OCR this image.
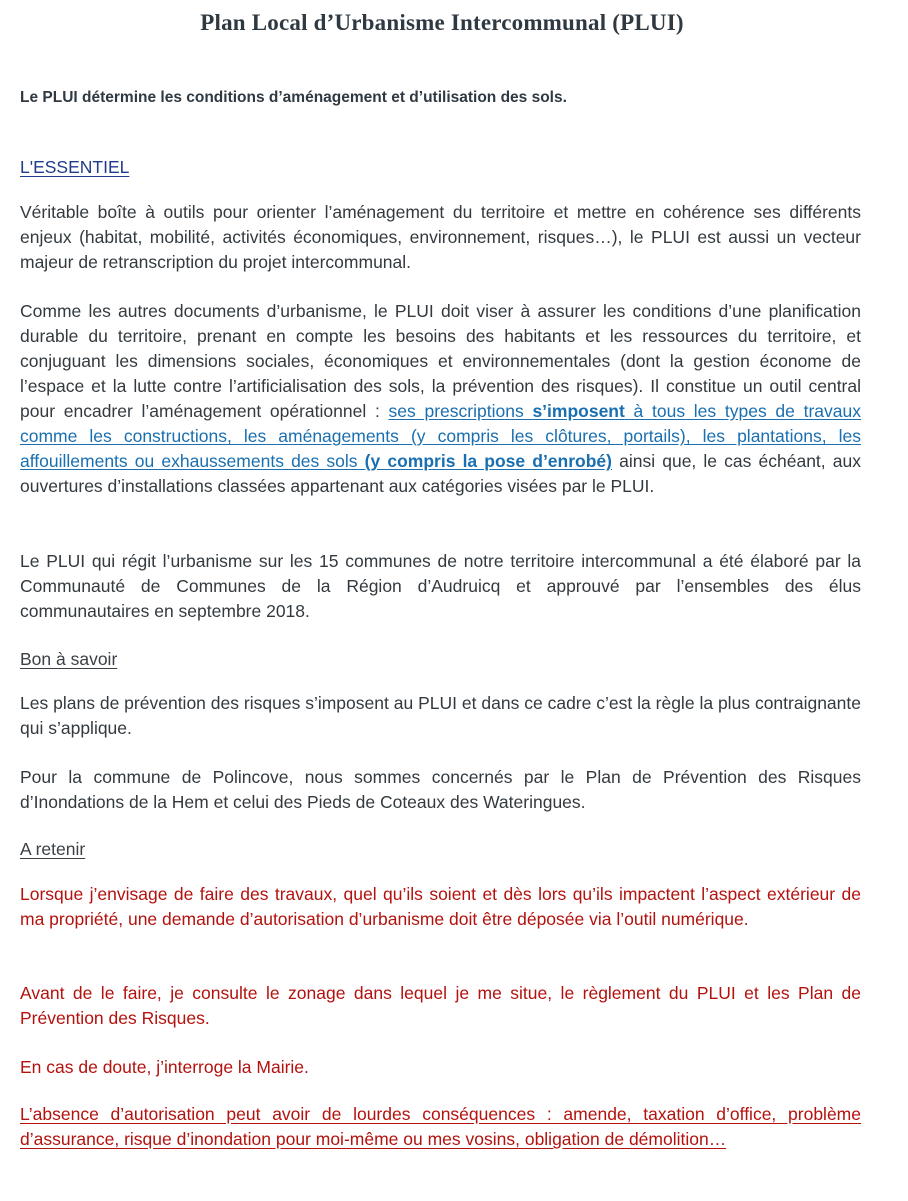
Plan Local d’Urbanisme Intercommunal (PLUI)
Le PLUI détermine les conditions d’aménagement et d’utilisation des sols.
L'ESSENTIEL

Véritable boîte à outils pour orienter l’aménagement du territoire et mettre en cohérence ses différents enjeux (habitat, mobilité, activités économiques, environnement, risques…), le PLUI est aussi un vecteur majeur de retranscription du projet intercommunal.

Comme les autres documents d’urbanisme, le PLUI doit viser à assurer les conditions d’une planification durable du territoire, prenant en compte les besoins des habitants et les ressources du territoire, et conjuguant les dimensions sociales, économiques et environnementales (dont la gestion économe de l’espace et la lutte contre l’artificialisation des sols, la prévention des risques). Il constitue un outil central pour encadrer l’aménagement opérationnel : ses prescriptions s’imposent à tous les types de travaux comme les constructions, les aménagements (y compris les clôtures, portails), les plantations, les affouillements ou exhaussements des sols (y compris la pose d’enrobé) ainsi que, le cas échéant, aux ouvertures d’installations classées appartenant aux catégories visées par le PLUI.

Le PLUI qui régit l’urbanisme sur les 15 communes de notre territoire intercommunal a été élaboré par la Communauté de Communes de la Région d’Audruicq et approuvé par l’ensembles des élus communautaires en septembre 2018.

Bon à savoir

Les plans de prévention des risques s’imposent au PLUI et dans ce cadre c’est la règle la plus contraignante qui s’applique.

Pour la commune de Polincove, nous sommes concernés par le Plan de Prévention des Risques d’Inondations de la Hem et celui des Pieds de Coteaux des Wateringues.

A retenir

Lorsque j’envisage de faire des travaux, quel qu’ils soient et dès lors qu’ils impactent l’aspect extérieur de ma propriété, une demande d’autorisation d’urbanisme doit être déposée via l’outil numérique.

Avant de le faire, je consulte le zonage dans lequel je me situe, le règlement du PLUI et les Plan de Prévention des Risques.

En cas de doute, j’interroge la Mairie.

L’absence d’autorisation peut avoir de lourdes conséquences : amende, taxation d’office, problème d’assurance, risque d’inondation pour moi-même ou mes vosins, obligation de démolition…
